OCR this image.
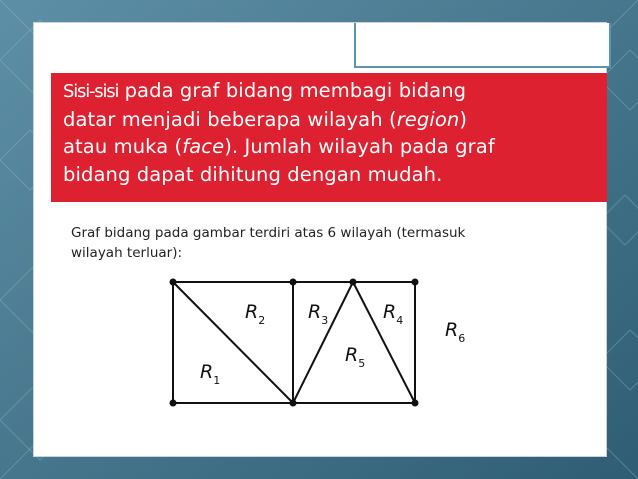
Sisi-sisi pada graf bidang membagi bidang

datar menjadi beberapa wilayah (region)

atau muka (face). Jumlah wilayah pada graf

bidang dapat dihitung dengan mudah.

Graf bidang pada gambar terdiri atas 6 wilayah (termasuk
wilayah terluar):
$R_1$
$R_2$ $R_3$	$R_4$
$R_5$
$R_6$
